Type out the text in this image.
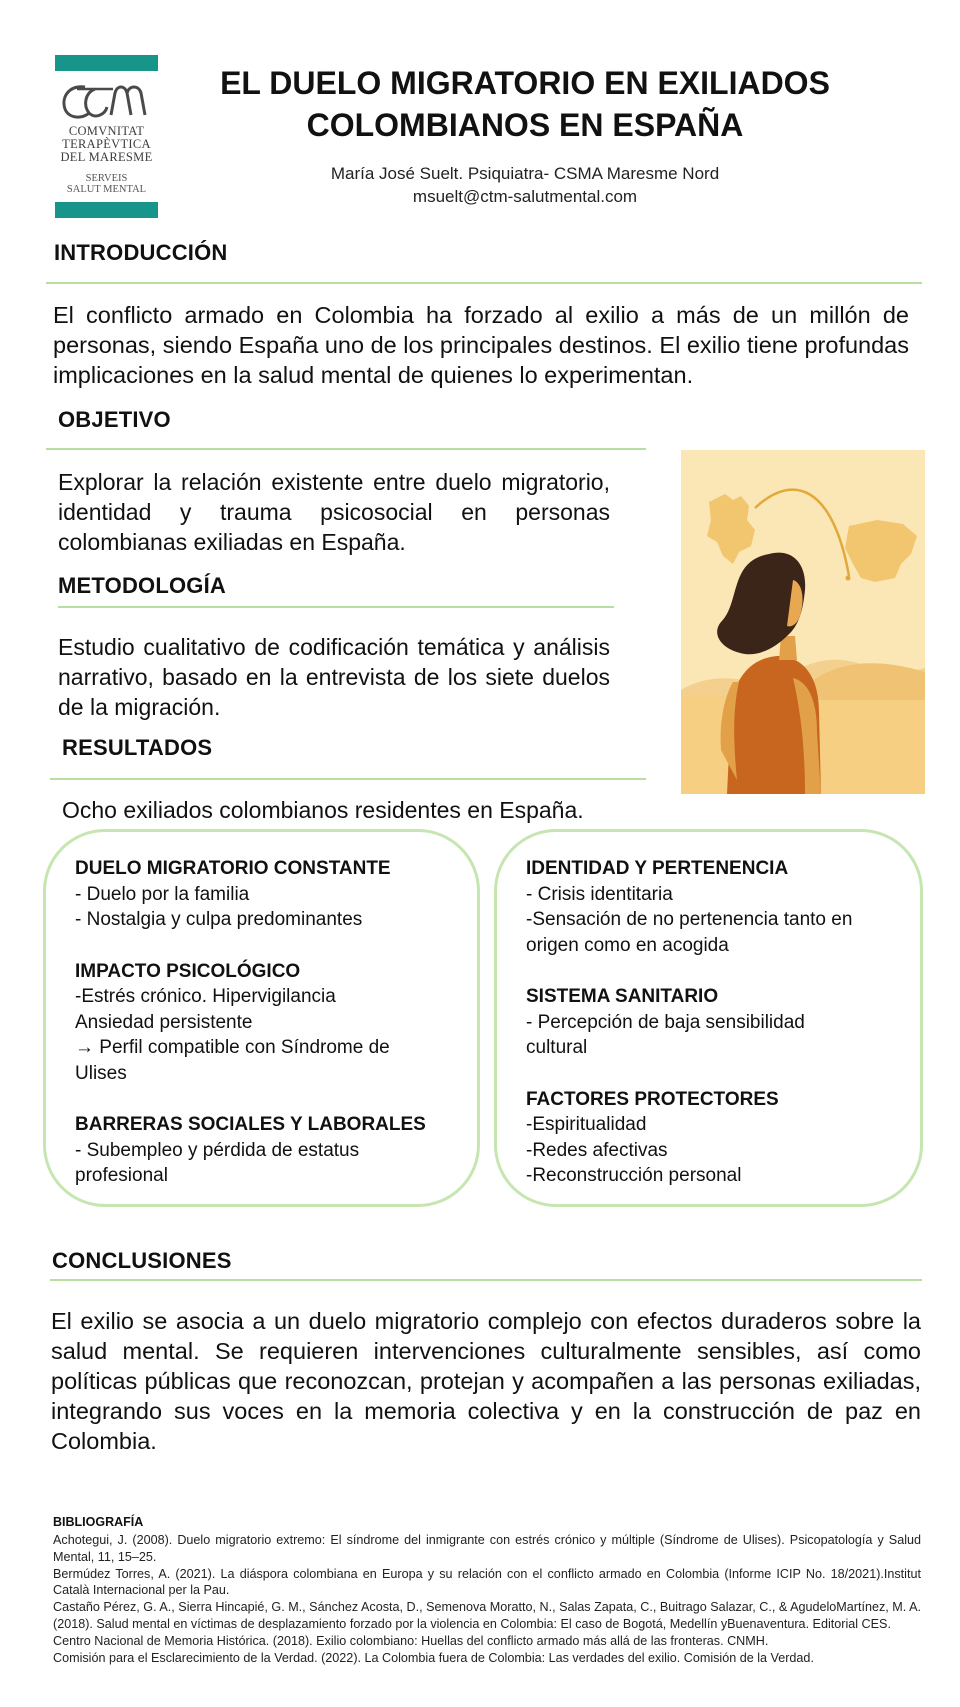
COMVNITAT
TERAPÈVTICA
DEL MARESME
SERVEIS
SALUT MENTAL
EL DUELO MIGRATORIO EN EXILIADOS
COLOMBIANOS EN ESPAÑA
María José Suelt. Psiquiatra- CSMA Maresme Nord
msuelt@ctm-salutmental.com
INTRODUCCIÓN
El conflicto armado en Colombia ha forzado al exilio a más de un millón de personas, siendo España uno de los principales destinos. El exilio tiene profundas implicaciones en la salud mental de quienes lo experimentan.
OBJETIVO
Explorar la relación existente entre duelo migratorio, identidad y trauma psicosocial en personas colombianas exiliadas en España.
METODOLOGÍA
Estudio cualitativo de codificación temática y análisis narrativo, basado en la entrevista de los siete duelos de la migración.
RESULTADOS
Ocho exiliados colombianos residentes en España.
DUELO MIGRATORIO CONSTANTE
- Duelo por la familia
- Nostalgia y culpa predominantes
IMPACTO PSICOLÓGICO
-Estrés crónico. Hipervigilancia
Ansiedad persistente
→ Perfil compatible con Síndrome de Ulises
BARRERAS SOCIALES Y LABORALES
- Subempleo y pérdida de estatus profesional
IDENTIDAD Y PERTENENCIA
- Crisis identitaria
-Sensación de no pertenencia tanto en origen como en acogida
SISTEMA SANITARIO
- Percepción de baja sensibilidad cultural
FACTORES PROTECTORES
-Espiritualidad
-Redes afectivas
-Reconstrucción personal
CONCLUSIONES
El exilio se asocia a un duelo migratorio complejo con efectos duraderos sobre la salud mental. Se requieren intervenciones culturalmente sensibles, así como políticas públicas que reconozcan, protejan y acompañen a las personas exiliadas, integrando sus voces en la memoria colectiva y en la construcción de paz en Colombia.
BIBLIOGRAFÍA

Achotegui, J. (2008). Duelo migratorio extremo: El síndrome del inmigrante con estrés crónico y múltiple (Síndrome de Ulises). Psicopatología y Salud Mental, 11, 15–25.

Bermúdez Torres, A. (2021). La diáspora colombiana en Europa y su relación con el conflicto armado en Colombia (Informe ICIP No. 18/2021).Institut Català Internacional per la Pau.

Castaño Pérez, G. A., Sierra Hincapié, G. M., Sánchez Acosta, D., Semenova Moratto, N., Salas Zapata, C., Buitrago Salazar, C., & AgudeloMartínez, M. A. (2018). Salud mental en víctimas de desplazamiento forzado por la violencia en Colombia: El caso de Bogotá, Medellín yBuenaventura. Editorial CES.

Centro Nacional de Memoria Histórica. (2018). Exilio colombiano: Huellas del conflicto armado más allá de las fronteras. CNMH.

Comisión para el Esclarecimiento de la Verdad. (2022). La Colombia fuera de Colombia: Las verdades del exilio. Comisión de la Verdad.
